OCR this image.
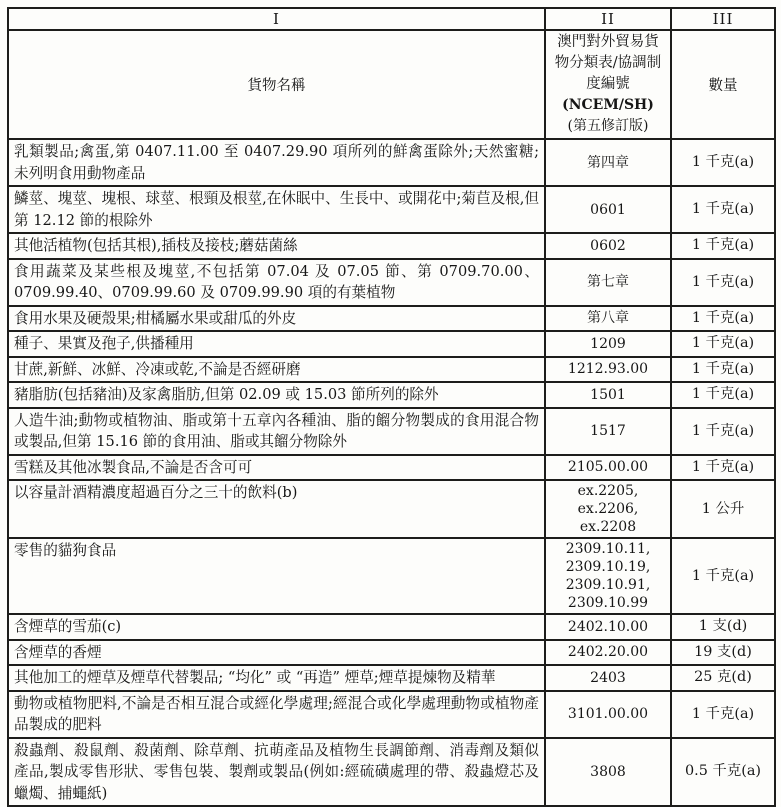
I	II	III
貨物名稱	澳門對外貿易貨物分類表/協調制度編號
(NCEM/SH)
(第五修訂版)	數量
乳類製品;禽蛋,第 0407.11.00 至 0407.29.90 項所列的鮮禽蛋除外;天然蜜糖;未列明食用動物產品	第四章	1 千克(a)
鱗莖、塊莖、塊根、球莖、根頸及根莖,在休眠中、生長中、或開花中;菊苣及根,但第 12.12 節的根除外	0601	1 千克(a)
其他活植物(包括其根),插枝及接枝;蘑菇菌絲	0602	1 千克(a)
食用蔬菜及某些根及塊莖,不包括第 07.04 及 07.05 節、第 0709.70.00、0709.99.40、0709.99.60 及 0709.99.90 項的有葉植物	第七章	1 千克(a)
食用水果及硬殼果;柑橘屬水果或甜瓜的外皮	第八章	1 千克(a)
種子、果實及孢子,供播種用	1209	1 千克(a)
甘蔗,新鮮、冰鮮、冷凍或乾,不論是否經研磨	1212.93.00	1 千克(a)
豬脂肪(包括豬油)及家禽脂肪,但第 02.09 或 15.03 節所列的除外	1501	1 千克(a)
人造牛油;動物或植物油、脂或第十五章內各種油、脂的餾分物製成的食用混合物或製品,但第 15.16 節的食用油、脂或其餾分物除外	1517	1 千克(a)
雪糕及其他冰製食品,不論是否含可可	2105.00.00	1 千克(a)
以容量計酒精濃度超過百分之三十的飲料(b)	ex.2205,
ex.2206,
ex.2208	1 公升
零售的貓狗食品	2309.10.11,
2309.10.19,
2309.10.91,
2309.10.99	1 千克(a)
含煙草的雪茄(c)	2402.10.00	1 支(d)
含煙草的香煙	2402.20.00	19 支(d)
其他加工的煙草及煙草代替製品; “均化” 或 “再造” 煙草;煙草提煉物及精華	2403	25 克(d)
動物或植物肥料,不論是否相互混合或經化學處理;經混合或化學處理動物或植物產品製成的肥料	3101.00.00	1 千克(a)
殺蟲劑、殺鼠劑、殺菌劑、除草劑、抗萌產品及植物生長調節劑、消毒劑及類似產品,製成零售形狀、零售包裝、製劑或製品(例如:經硫磺處理的帶、殺蟲燈芯及蠟燭、捕蠅紙)	3808	0.5 千克(a)
